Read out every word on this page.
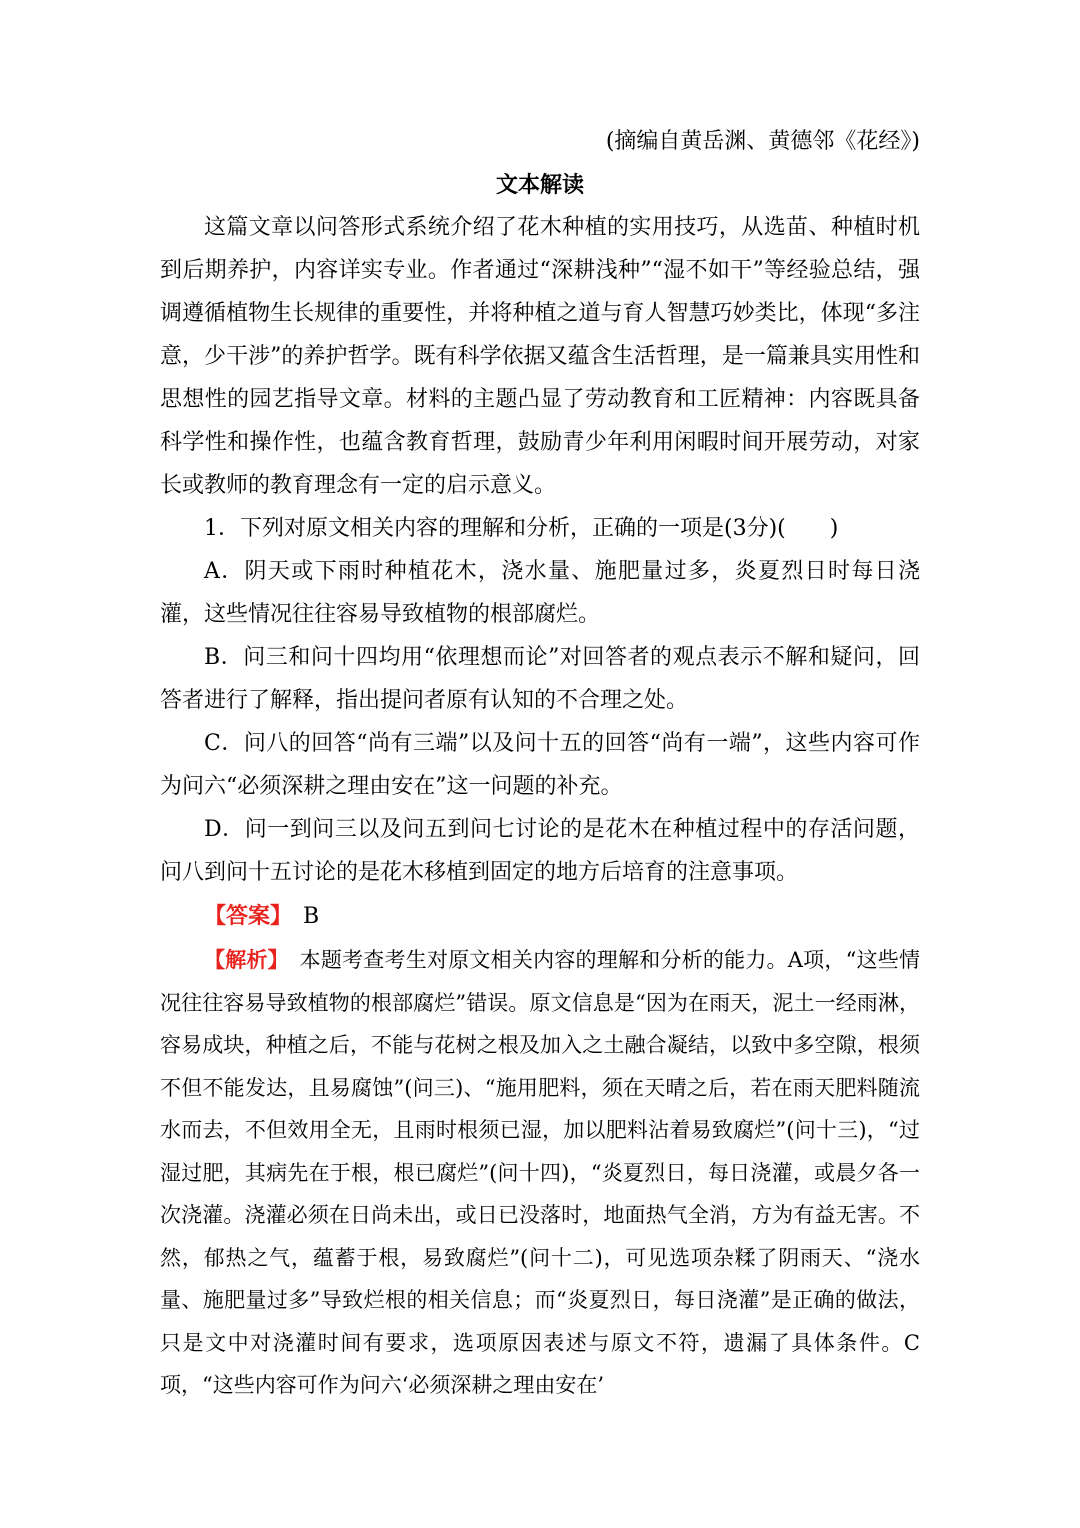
(摘编自黄岳渊、黄德邻《花经》)
文本解读

这篇文章以问答形式系统介绍了花木种植的实用技巧，从选苗、种植时机到后期养护，内容详实专业。作者通过“深耕浅种”“湿不如干”等经验总结，强调遵循植物生长规律的重要性，并将种植之道与育人智慧巧妙类比，体现“多注意，少干涉”的养护哲学。既有科学依据又蕴含生活哲理，是一篇兼具实用性和思想性的园艺指导文章。材料的主题凸显了劳动教育和工匠精神：内容既具备科学性和操作性，也蕴含教育哲理，鼓励青少年利用闲暇时间开展劳动，对家长或教师的教育理念有一定的启示意义。

1．下列对原文相关内容的理解和分析，正确的一项是(3分)(　　)

A．阴天或下雨时种植花木，浇水量、施肥量过多，炎夏烈日时每日浇灌，这些情况往往容易导致植物的根部腐烂。

B．问三和问十四均用“依理想而论”对回答者的观点表示不解和疑问，回答者进行了解释，指出提问者原有认知的不合理之处。

C．问八的回答“尚有三端”以及问十五的回答“尚有一端”，这些内容可作为问六“必须深耕之理由安在”这一问题的补充。

D．问一到问三以及问五到问七讨论的是花木在种植过程中的存活问题，问八到问十五讨论的是花木移植到固定的地方后培育的注意事项。

【答案】　 B

【解析】　 本题考查考生对原文相关内容的理解和分析的能力。A项，“这些情况往往容易导致植物的根部腐烂”错误。原文信息是“因为在雨天，泥土一经雨淋，容易成块，种植之后，不能与花树之根及加入之土融合凝结，以致中多空隙，根须不但不能发达，且易腐蚀”(问三)、“施用肥料，须在天晴之后，若在雨天肥料随流水而去，不但效用全无，且雨时根须已湿，加以肥料沾着易致腐烂”(问十三)，“过湿过肥，其病先在于根，根已腐烂”(问十四)，“炎夏烈日，每日浇灌，或晨夕各一次浇灌。浇灌必须在日尚未出，或日已没落时，地面热气全消，方为有益无害。不然，郁热之气，蕴蓄于根，易致腐烂”(问十二)，可见选项杂糅了阴雨天、“浇水量、施肥量过多”导致烂根的相关信息；而“炎夏烈日，每日浇灌”是正确的做法，只是文中对浇灌时间有要求，选项原因表述与原文不符，遗漏了具体条件。C项，“这些内容可作为问六‘必须深耕之理由安在’
